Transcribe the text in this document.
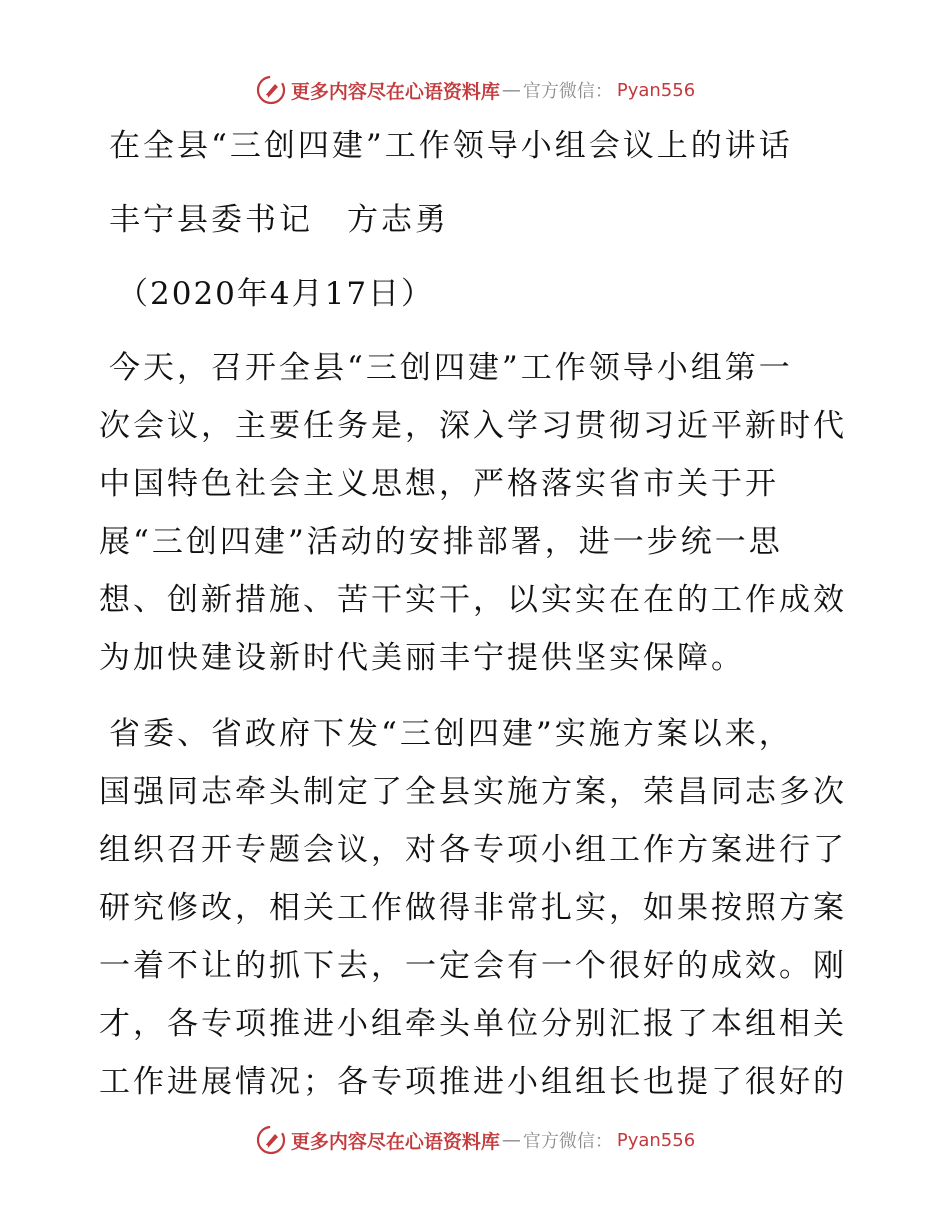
更多内容尽在心语资料库 — 官方微信： Pyan556
在全县“三创四建”工作领导小组会议上的讲话
丰宁县委书记　方志勇
（2020年4月17日）
今天，召开全县“三创四建”工作领导小组第一
次会议，主要任务是，深入学习贯彻习近平新时代
中国特色社会主义思想，严格落实省市关于开
展“三创四建”活动的安排部署，进一步统一思
想、创新措施、苦干实干，以实实在在的工作成效
为加快建设新时代美丽丰宁提供坚实保障。
省委、省政府下发“三创四建”实施方案以来，
国强同志牵头制定了全县实施方案，荣昌同志多次
组织召开专题会议，对各专项小组工作方案进行了
研究修改，相关工作做得非常扎实，如果按照方案
一着不让的抓下去，一定会有一个很好的成效。刚
才，各专项推进小组牵头单位分别汇报了本组相关
工作进展情况；各专项推进小组组长也提了很好的
更多内容尽在心语资料库 — 官方微信： Pyan556
